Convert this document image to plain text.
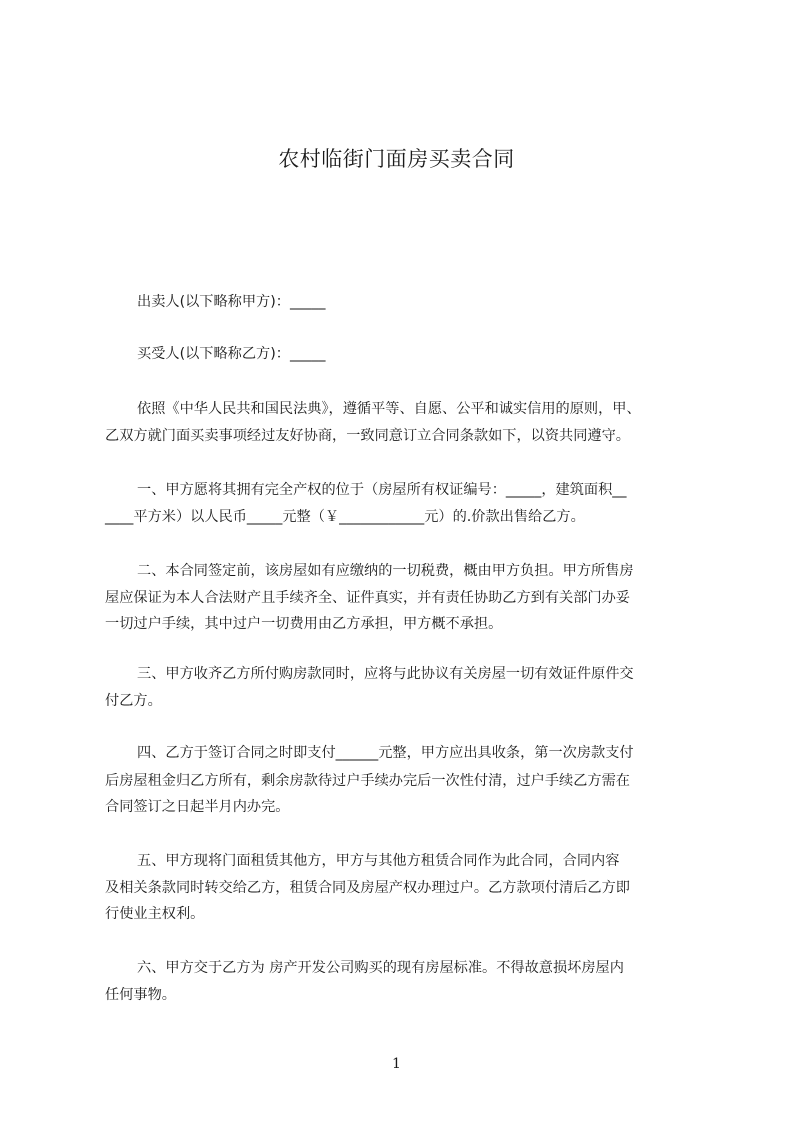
农村临街门面房买卖合同
出卖人(以下略称甲方)：_____
买受人(以下略称乙方)：_____
依照《中华人民共和国民法典》，遵循平等、自愿、公平和诚实信用的原则，甲、
乙双方就门面买卖事项经过友好协商，一致同意订立合同条款如下，以资共同遵守。
一、甲方愿将其拥有完全产权的位于（房屋所有权证编号：_____，建筑面积__
____平方米）以人民币_____元整（￥____________元）的.价款出售给乙方。
二、本合同签定前，该房屋如有应缴纳的一切税费，概由甲方负担。甲方所售房
屋应保证为本人合法财产且手续齐全、证件真实，并有责任协助乙方到有关部门办妥
一切过户手续，其中过户一切费用由乙方承担，甲方概不承担。
三、甲方收齐乙方所付购房款同时，应将与此协议有关房屋一切有效证件原件交
付乙方。
四、乙方于签订合同之时即支付______元整，甲方应出具收条，第一次房款支付
后房屋租金归乙方所有，剩余房款待过户手续办完后一次性付清，过户手续乙方需在
合同签订之日起半月内办完。
五、甲方现将门面租赁其他方，甲方与其他方租赁合同作为此合同，合同内容
及相关条款同时转交给乙方，租赁合同及房屋产权办理过户。乙方款项付清后乙方即
行使业主权利。
六、甲方交于乙方为 房产开发公司购买的现有房屋标准。不得故意损坏房屋内
任何事物。
1
